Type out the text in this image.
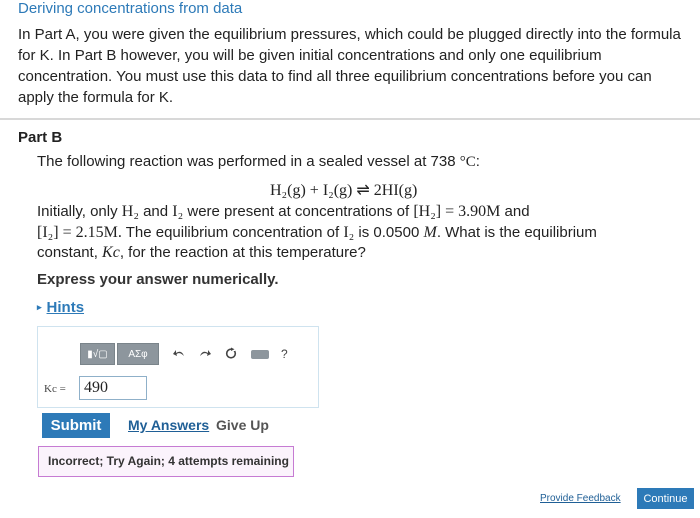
Deriving concentrations from data
In Part A, you were given the equilibrium pressures, which could be plugged directly into the formula for K. In Part B however, you will be given initial concentrations and only one equilibrium concentration. You must use this data to find all three equilibrium concentrations before you can apply the formula for K.
Part B
The following reaction was performed in a sealed vessel at 738 °C:
H₂(g) + I₂(g) ⇌ 2HI(g)
Initially, only H₂ and I₂ were present at concentrations of [H₂] = 3.90M and
[I₂] = 2.15M. The equilibrium concentration of I₂ is 0.0500 M. What is the equilibrium
constant, Kc, for the reaction at this temperature?
Express your answer numerically.
▸ Hints
▮√▢	ΑΣφ	?
Kc =	490
Submit	My Answers Give Up
Incorrect; Try Again; 4 attempts remaining
Provide Feedback	Continue
